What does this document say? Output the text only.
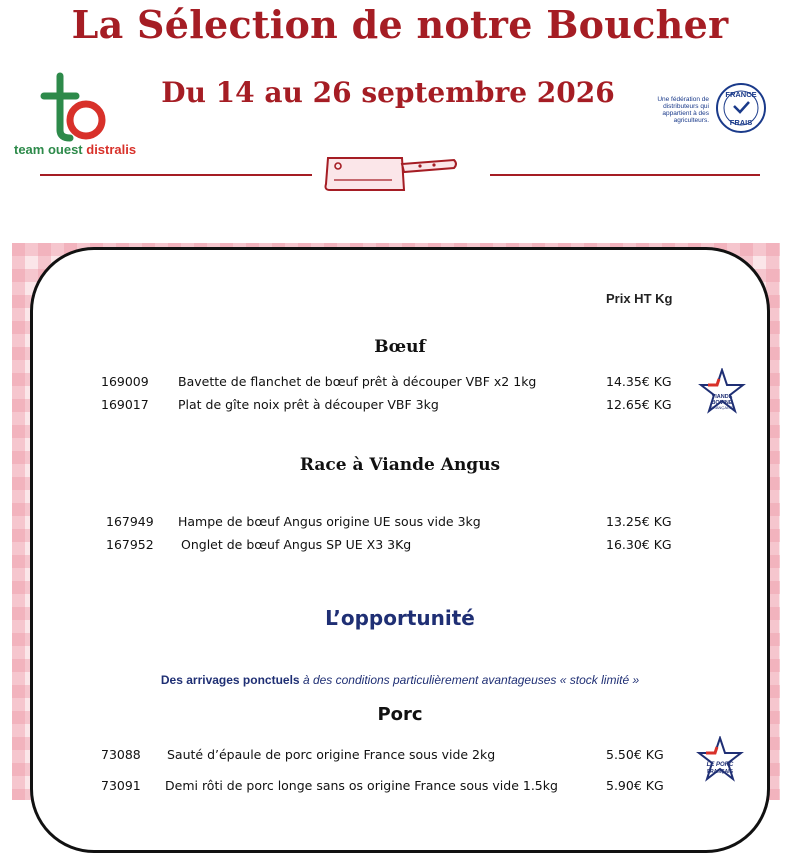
La Sélection de notre Boucher
Du 14 au 26 septembre 2026
team ouest distralis
Une fédération de distributeurs qui appartient à des agriculteurs.
FRANCE
FRAIS
Prix HT Kg
Bœuf
169009	Bavette de flanchet de bœuf prêt à découper VBF x2 1kg	14.35€ KG
169017	Plat de gîte noix prêt à découper VBF 3kg	12.65€ KG	VIANDE
BOVINE
FRANÇAISE
Race à Viande Angus
167949	Hampe de bœuf Angus origine UE sous vide 3kg	13.25€ KG
167952	Onglet de bœuf Angus SP UE X3 3Kg	16.30€ KG
L’opportunité
Des arrivages ponctuels à des conditions particulièrement avantageuses « stock limité »
Porc
73088	Sauté d’épaule de porc origine France sous vide 2kg	5.50€ KG
73091	Demi rôti de porc longe sans os origine France sous vide 1.5kg	5.90€ KG
LE PORC
FRANÇAIS
